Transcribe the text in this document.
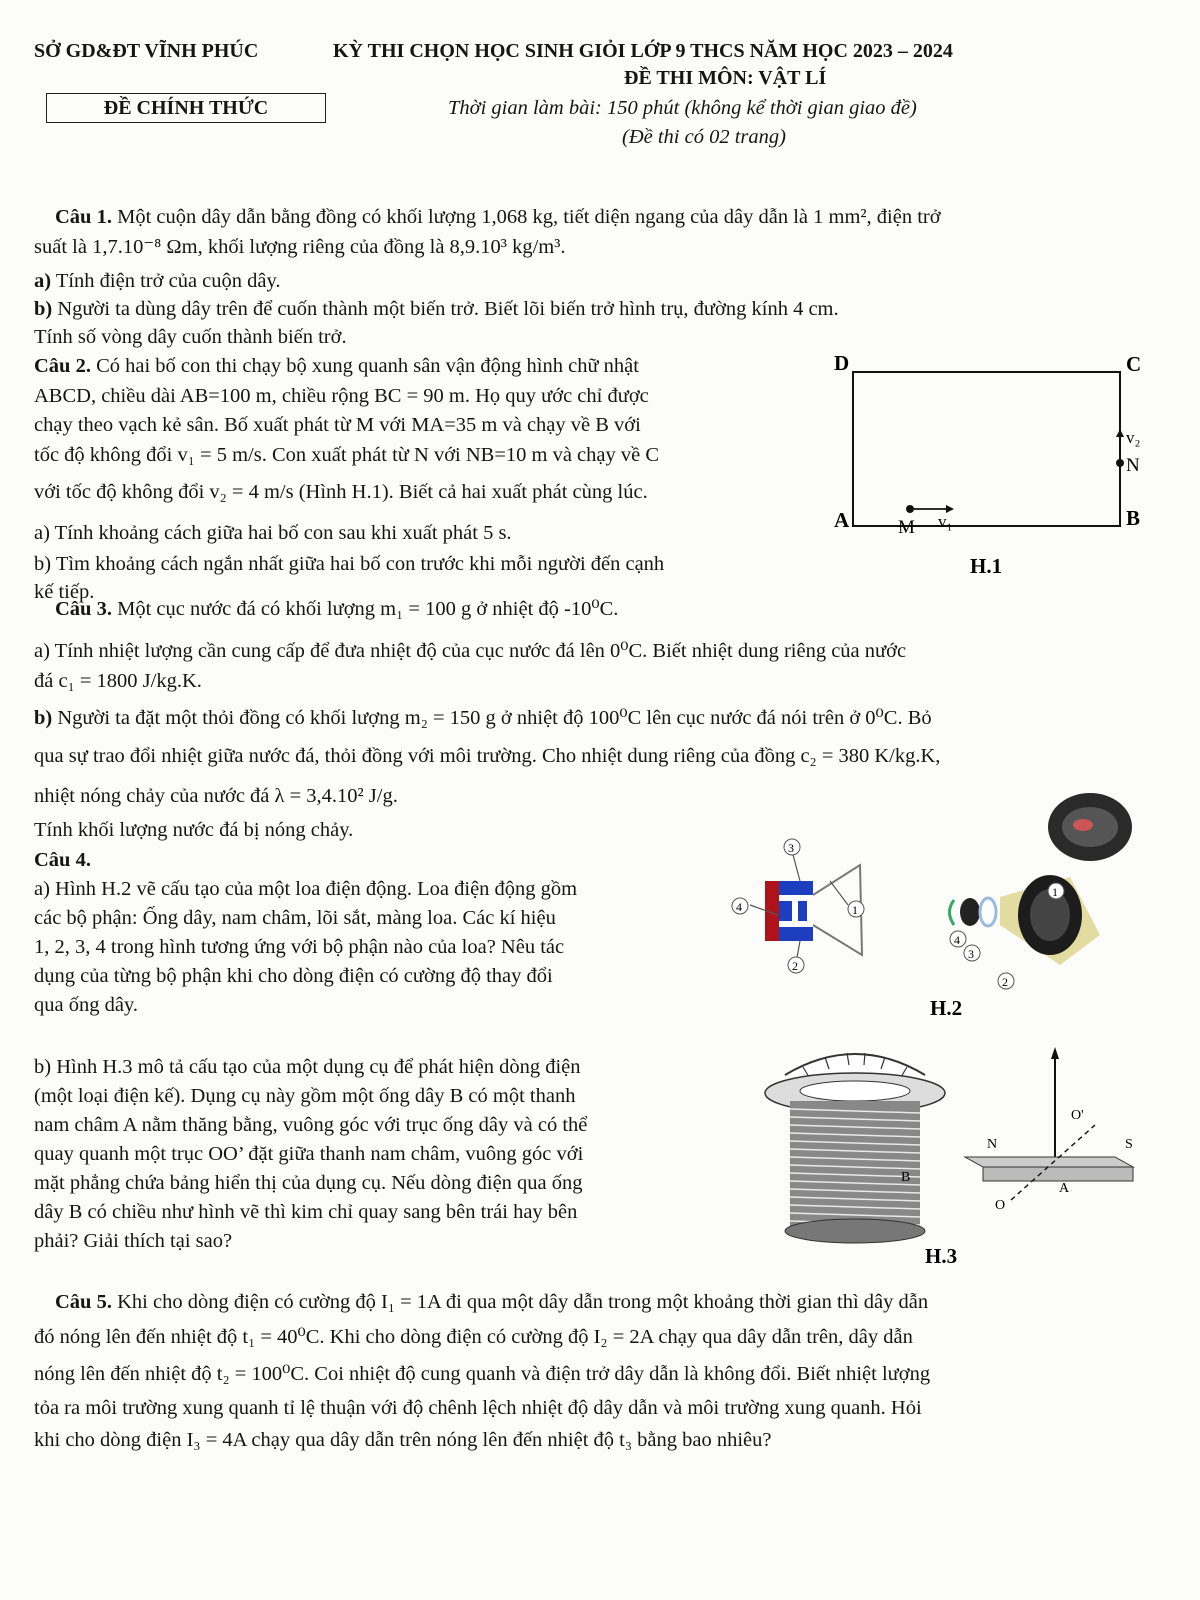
SỞ GD&ĐT VĨNH PHÚC	KỲ THI CHỌN HỌC SINH GIỎI LỚP 9 THCS NĂM HỌC 2023 – 2024
ĐỀ THI MÔN: VẬT LÍ
ĐỀ CHÍNH THỨC	Thời gian làm bài: 150 phút (không kể thời gian giao đề)
(Đề thi có 02 trang)
Câu 1. Một cuộn dây dẫn bằng đồng có khối lượng 1,068 kg, tiết diện ngang của dây dẫn là 1 mm², điện trở
suất là 1,7.10⁻⁸ Ωm, khối lượng riêng của đồng là 8,9.10³ kg/m³.
a) Tính điện trở của cuộn dây.
b) Người ta dùng dây trên để cuốn thành một biến trở. Biết lõi biến trở hình trụ, đường kính 4 cm.
Tính số vòng dây cuốn thành biến trở.
Câu 2. Có hai bố con thi chạy bộ xung quanh sân vận động hình chữ nhật
ABCD, chiều dài AB=100 m, chiều rộng BC = 90 m. Họ quy ước chỉ được
chạy theo vạch kẻ sân. Bố xuất phát từ M với MA=35 m và chạy về B với
tốc độ không đổi v₁ = 5 m/s. Con xuất phát từ N với NB=10 m và chạy về C
với tốc độ không đổi v₂ = 4 m/s (Hình H.1). Biết cả hai xuất phát cùng lúc.
a) Tính khoảng cách giữa hai bố con sau khi xuất phát 5 s.
b) Tìm khoảng cách ngắn nhất giữa hai bố con trước khi mỗi người đến cạnh
kế tiếp.
D	C
A	B
M v₁
v₂
N
H.1
Câu 3. Một cục nước đá có khối lượng m₁ = 100 g ở nhiệt độ -10⁰C.
a) Tính nhiệt lượng cần cung cấp để đưa nhiệt độ của cục nước đá lên 0⁰C. Biết nhiệt dung riêng của nước
đá c₁ = 1800 J/kg.K.
b) Người ta đặt một thỏi đồng có khối lượng m₂ = 150 g ở nhiệt độ 100⁰C lên cục nước đá nói trên ở 0⁰C. Bỏ
qua sự trao đổi nhiệt giữa nước đá, thỏi đồng với môi trường. Cho nhiệt dung riêng của đồng c₂ = 380 K/kg.K,
nhiệt nóng chảy của nước đá λ = 3,4.10² J/g.
Tính khối lượng nước đá bị nóng chảy.
Câu 4.
a) Hình H.2 vẽ cấu tạo của một loa điện động. Loa điện động gồm
các bộ phận: Ống dây, nam châm, lõi sắt, màng loa. Các kí hiệu
1, 2, 3, 4 trong hình tương ứng với bộ phận nào của loa? Nêu tác
dụng của từng bộ phận khi cho dòng điện có cường độ thay đổi
qua ống dây.
b) Hình H.3 mô tả cấu tạo của một dụng cụ để phát hiện dòng điện
(một loại điện kế). Dụng cụ này gồm một ống dây B có một thanh
nam châm A nằm thăng bằng, vuông góc với trục ống dây và có thể
quay quanh một trục OO’ đặt giữa thanh nam châm, vuông góc với
mặt phẳng chứa bảng hiển thị của dụng cụ. Nếu dòng điện qua ống
dây B có chiều như hình vẽ thì kim chỉ quay sang bên trái hay bên
phải? Giải thích tại sao?
3
4	1
2
4
3
1
2
H.2
B
O'
N	S
A
O
H.3
Câu 5. Khi cho dòng điện có cường độ I₁ = 1A đi qua một dây dẫn trong một khoảng thời gian thì dây dẫn
đó nóng lên đến nhiệt độ t₁ = 40⁰C. Khi cho dòng điện có cường độ I₂ = 2A chạy qua dây dẫn trên, dây dẫn
nóng lên đến nhiệt độ t₂ = 100⁰C. Coi nhiệt độ cung quanh và điện trở dây dẫn là không đổi. Biết nhiệt lượng
tỏa ra môi trường xung quanh tỉ lệ thuận với độ chênh lệch nhiệt độ dây dẫn và môi trường xung quanh. Hỏi
khi cho dòng điện I₃ = 4A chạy qua dây dẫn trên nóng lên đến nhiệt độ t₃ bằng bao nhiêu?
